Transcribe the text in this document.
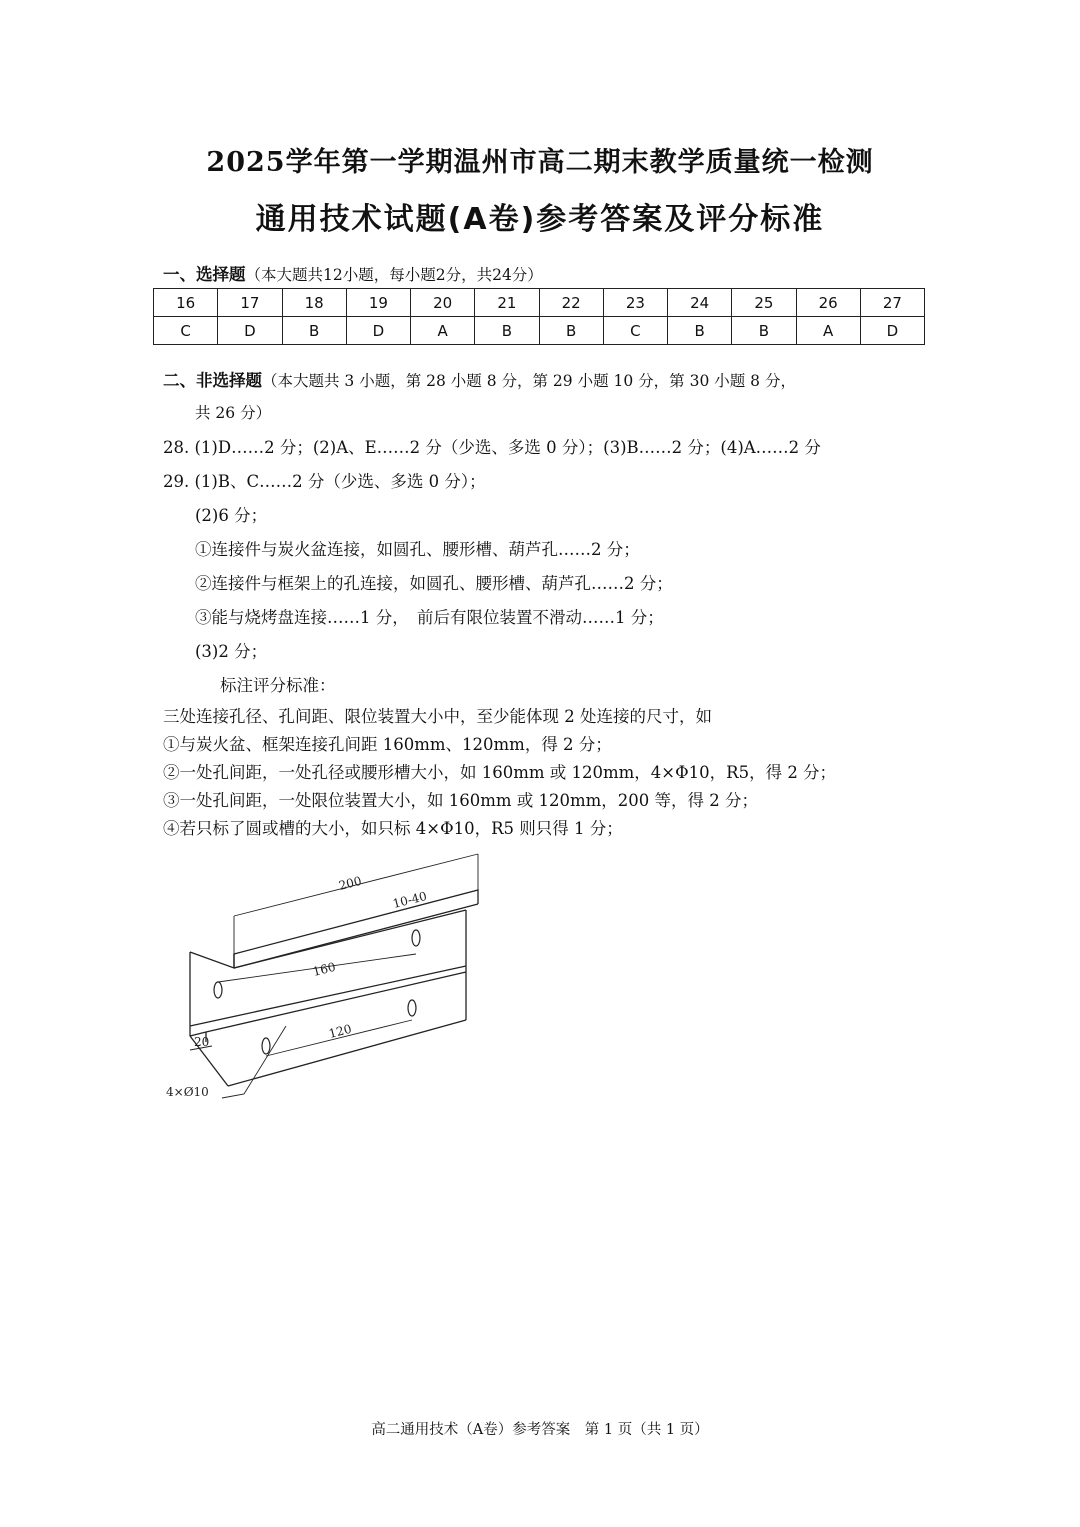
2025学年第一学期温州市高二期末教学质量统一检测
通用技术试题(A卷)参考答案及评分标准
一、选择题（本大题共12小题，每小题2分，共24分）
16	17	18	19	20	21	22	23	24	25	26	27
C	D	B	D	A	B	B	C	B	B	A	D
二、非选择题（本大题共 3 小题，第 28 小题 8 分，第 29 小题 10 分，第 30 小题 8 分，
共 26 分）
28. (1)D……2 分；(2)A、E……2 分（少选、多选 0 分）；(3)B……2 分；(4)A……2 分
29. (1)B、C……2 分（少选、多选 0 分）；
(2)6 分；
①连接件与炭火盆连接，如圆孔、腰形槽、葫芦孔……2 分；
②连接件与框架上的孔连接，如圆孔、腰形槽、葫芦孔……2 分；
③能与烧烤盘连接……1 分，　前后有限位装置不滑动……1 分；
(3)2 分；
标注评分标准：
三处连接孔径、孔间距、限位装置大小中，至少能体现 2 处连接的尺寸，如
①与炭火盆、框架连接孔间距 160mm、120mm，得 2 分；
②一处孔间距，一处孔径或腰形槽大小，如 160mm 或 120mm，4×Φ10，R5，得 2 分；
③一处孔间距，一处限位装置大小，如 160mm 或 120mm，200 等，得 2 分；
④若只标了圆或槽的大小，如只标 4×Φ10，R5 则只得 1 分；
200
10-40
160
120
20
4×Ø10
高二通用技术（A卷）参考答案　第 1 页（共 1 页）
